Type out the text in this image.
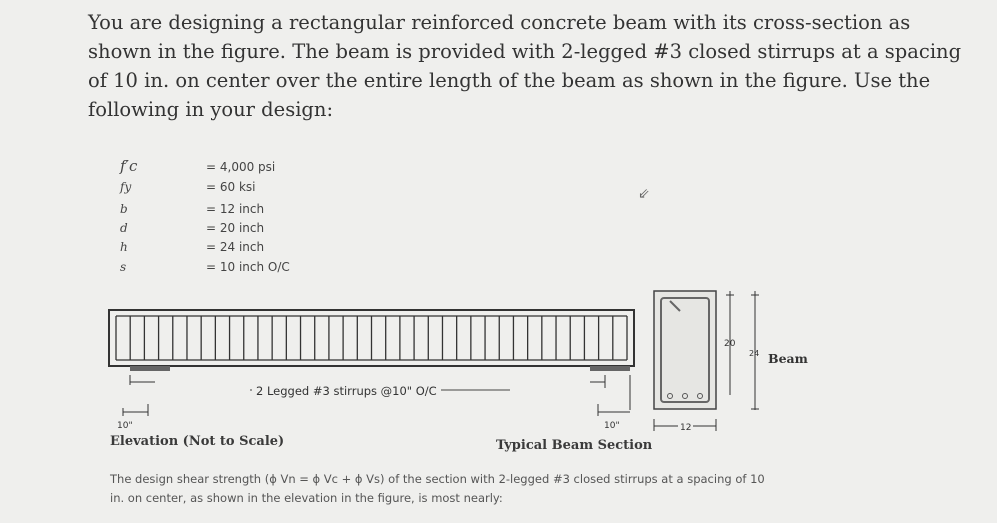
You are designing a rectangular reinforced concrete beam with its cross-section as
shown in the figure. The beam is provided with 2-legged #3 closed stirrups at a spacing
of 10 in. on center over the entire length of the beam as shown in the figure. Use the
following in your design:
f′c	= 4,000 psi
fy	= 60 ksi
b	= 12 inch
d	= 20 inch
h	= 24 inch
s	= 10 inch O/C
⇙
2 Legged #3 stirrups @10" O/C
10"	10"
20
24
12
Beam
Elevation (Not to Scale)	Typical Beam Section
The design shear strength (ϕ Vn = ϕ Vc + ϕ Vs) of the section with 2-legged #3 closed stirrups at a spacing of 10
in. on center, as shown in the elevation in the figure, is most nearly:
